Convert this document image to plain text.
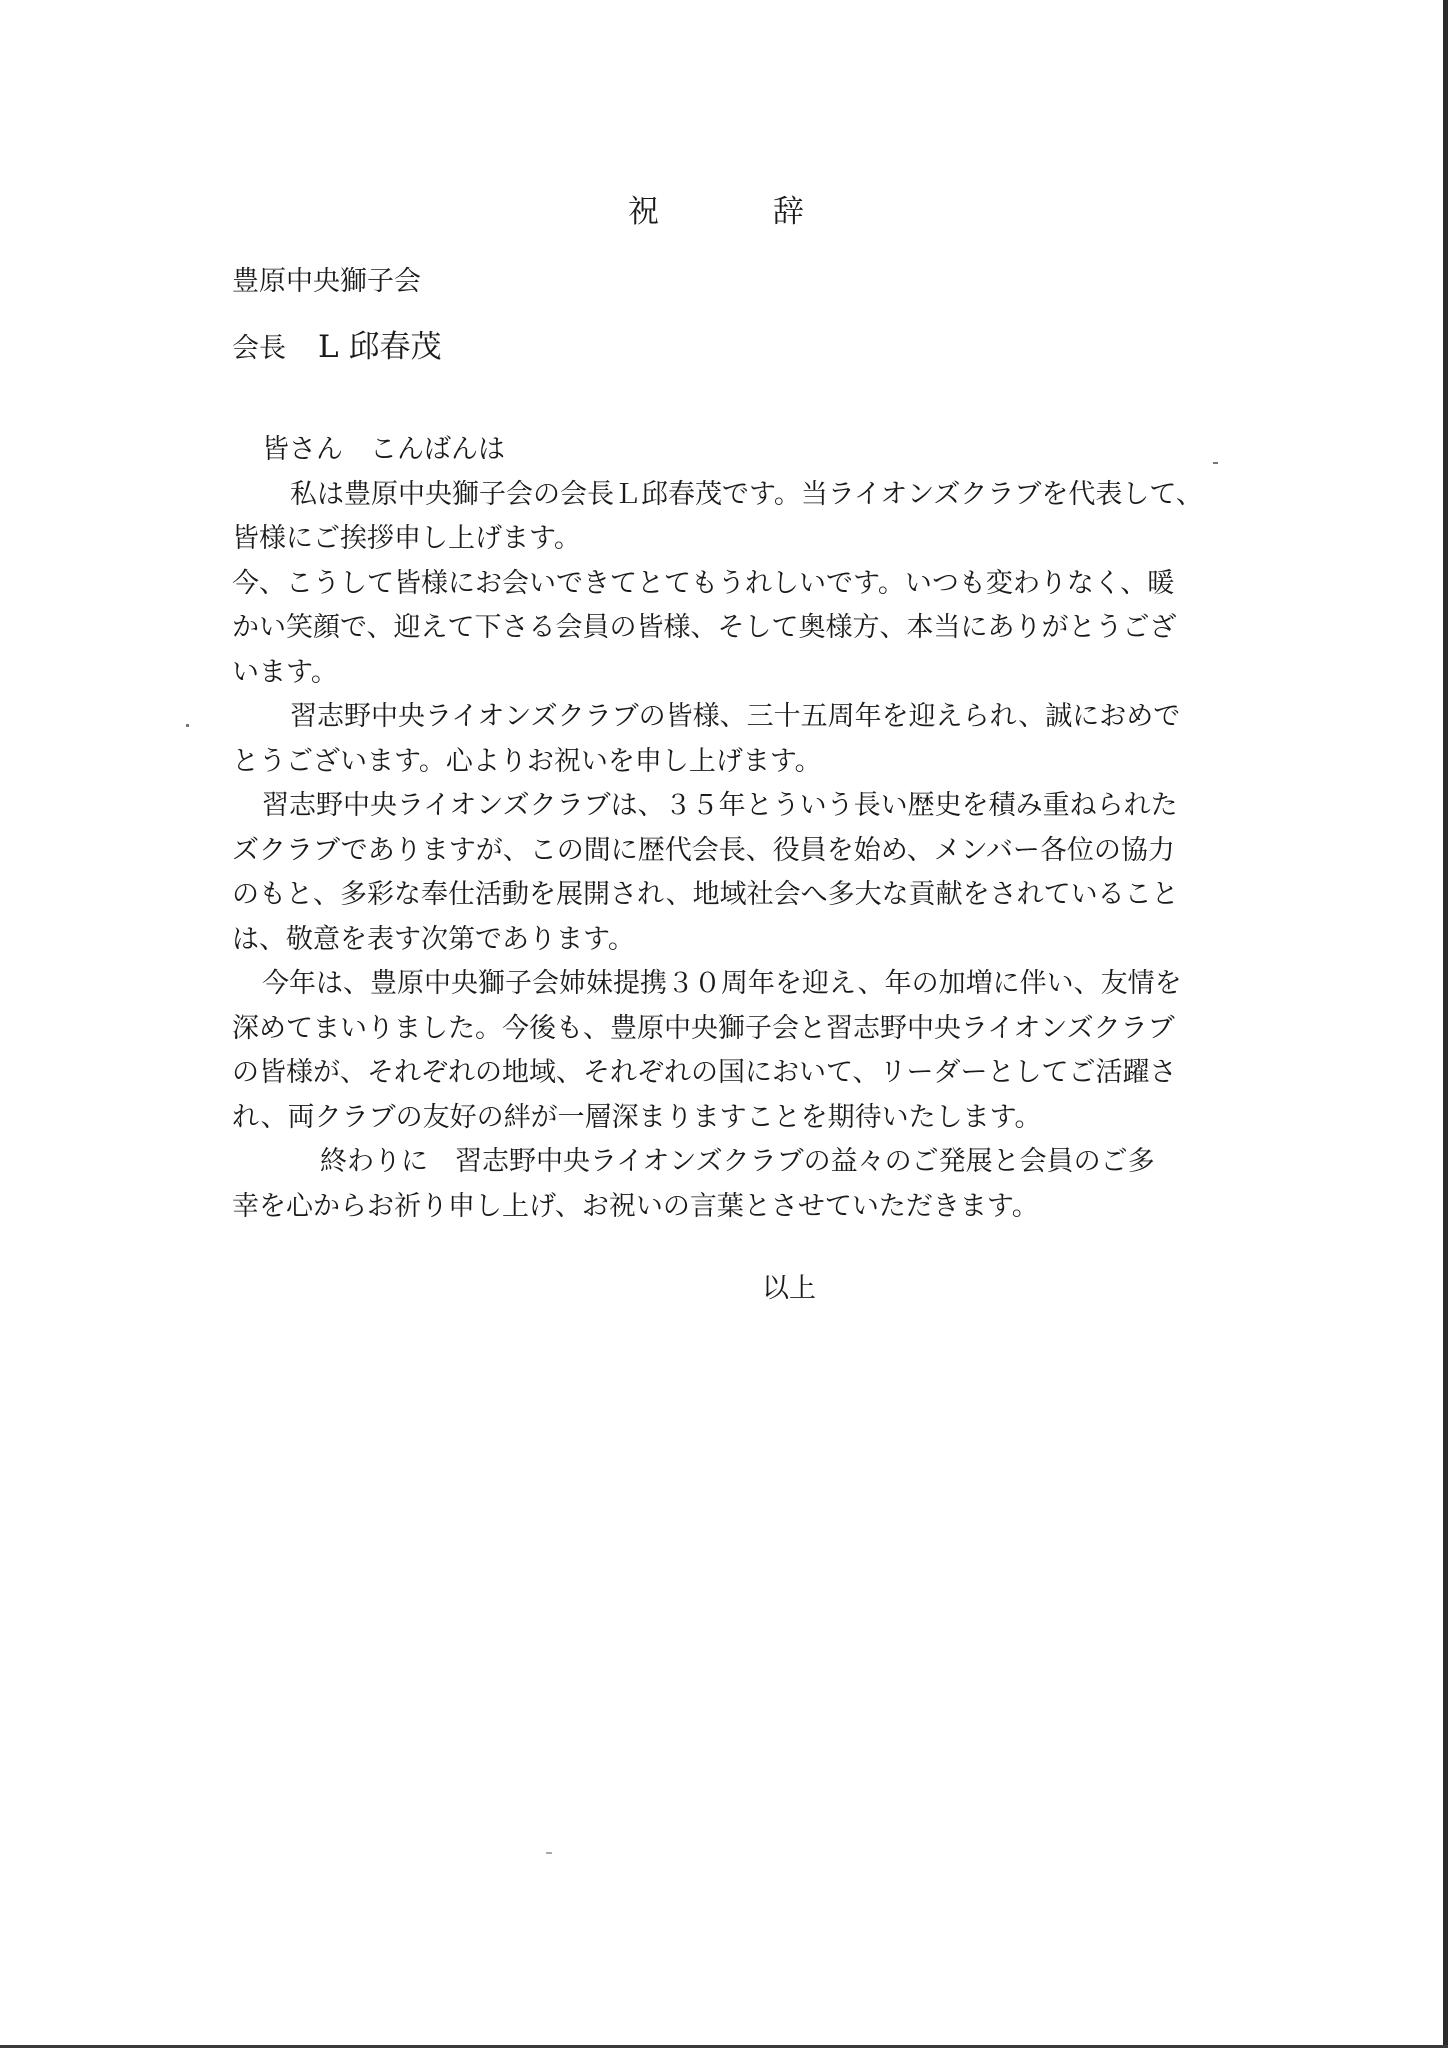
祝 辞
豊原中央獅子会
会長 L 邱春茂
皆さん　こんばんは
私は豊原中央獅子会の会長Ｌ邱春茂です。当ライオンズクラブを代表して、
皆様にご挨拶申し上げます。
今、こうして皆様にお会いできてとてもうれしいです。いつも変わりなく、暖
かい笑顔で、迎えて下さる会員の皆様、そして奥様方、本当にありがとうござ
います。
習志野中央ライオンズクラブの皆様、三十五周年を迎えられ、誠におめで
とうございます。心よりお祝いを申し上げます。
習志野中央ライオンズクラブは、３５年とういう長い歴史を積み重ねられた
ズクラブでありますが、この間に歴代会長、役員を始め、メンバー各位の協力
のもと、多彩な奉仕活動を展開され、地域社会へ多大な貢献をされていること
は、敬意を表す次第であります。
今年は、豊原中央獅子会姉妹提携３０周年を迎え、年の加増に伴い、友情を
深めてまいりました。今後も、豊原中央獅子会と習志野中央ライオンズクラブ
の皆様が、それぞれの地域、それぞれの国において、リーダーとしてご活躍さ
れ、両クラブの友好の絆が一層深まりますことを期待いたします。
終わりに　習志野中央ライオンズクラブの益々のご発展と会員のご多
幸を心からお祈り申し上げ、お祝いの言葉とさせていただきます。
以上
